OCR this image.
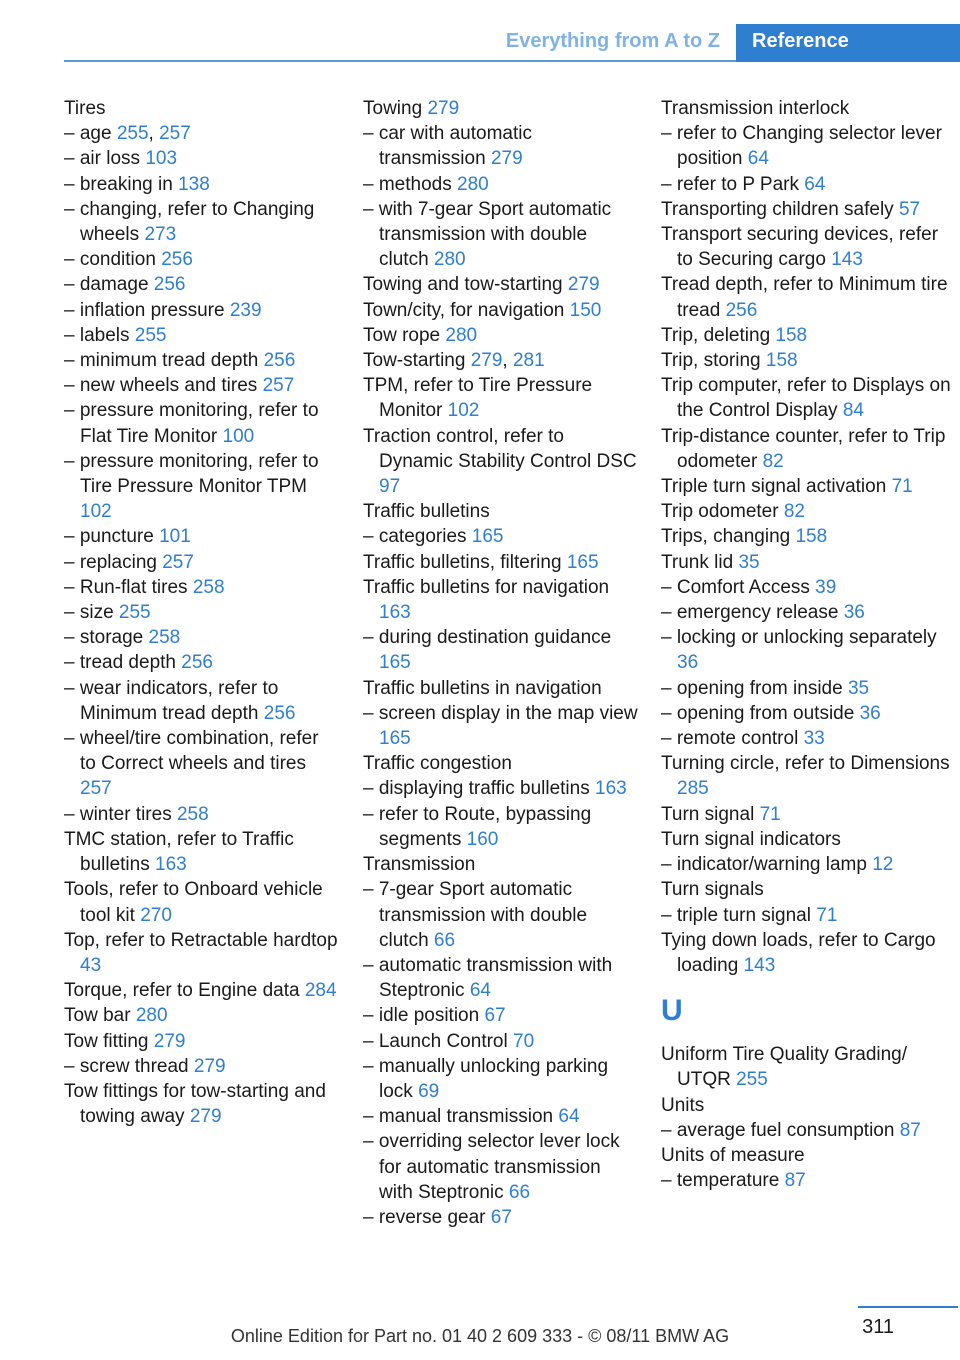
Everything from A to Z Reference
Tires
– age 255, 257
– air loss 103
– breaking in 138
– changing, refer to Changing wheels 273
– condition 256
– damage 256
– inflation pressure 239
– labels 255
– minimum tread depth 256
– new wheels and tires 257
– pressure monitoring, refer to Flat Tire Monitor 100
– pressure monitoring, refer to Tire Pressure Monitor TPM 102
– puncture 101
– replacing 257
– Run-flat tires 258
– size 255
– storage 258
– tread depth 256
– wear indicators, refer to Minimum tread depth 256
– wheel/tire combination, refer to Correct wheels and tires 257
– winter tires 258
TMC station, refer to Traffic bulletins 163
Tools, refer to Onboard vehicle tool kit 270
Top, refer to Retractable hardtop 43
Torque, refer to Engine data 284
Tow bar 280
Tow fitting 279
– screw thread 279
Tow fittings for tow-starting and towing away 279
Towing 279
– car with automatic transmission 279
– methods 280
– with 7-gear Sport automatic transmission with double clutch 280
Towing and tow-starting 279
Town/city, for navigation 150
Tow rope 280
Tow-starting 279, 281
TPM, refer to Tire Pressure Monitor 102
Traction control, refer to Dynamic Stability Control DSC 97
Traffic bulletins
– categories 165
Traffic bulletins, filtering 165
Traffic bulletins for navigation 163
– during destination guidance 165
Traffic bulletins in navigation
– screen display in the map view 165
Traffic congestion
– displaying traffic bulletins 163
– refer to Route, bypassing segments 160
Transmission
– 7-gear Sport automatic transmission with double clutch 66
– automatic transmission with Steptronic 64
– idle position 67
– Launch Control 70
– manually unlocking parking lock 69
– manual transmission 64
– overriding selector lever lock for automatic transmission with Steptronic 66
– reverse gear 67
Transmission interlock
– refer to Changing selector lever position 64
– refer to P Park 64
Transporting children safely 57
Transport securing devices, refer to Securing cargo 143
Tread depth, refer to Minimum tire tread 256
Trip, deleting 158
Trip, storing 158
Trip computer, refer to Displays on the Control Display 84
Trip-distance counter, refer to Trip odometer 82
Triple turn signal activation 71
Trip odometer 82
Trips, changing 158
Trunk lid 35
– Comfort Access 39
– emergency release 36
– locking or unlocking separately 36
– opening from inside 35
– opening from outside 36
– remote control 33
Turning circle, refer to Dimensions 285
Turn signal 71
Turn signal indicators
– indicator/warning lamp 12
Turn signals
– triple turn signal 71
Tying down loads, refer to Cargo loading 143
U
Uniform Tire Quality Grading/ UTQR 255
Units
– average fuel consumption 87
Units of measure
– temperature 87
311
Online Edition for Part no. 01 40 2 609 333 - © 08/11 BMW AG
